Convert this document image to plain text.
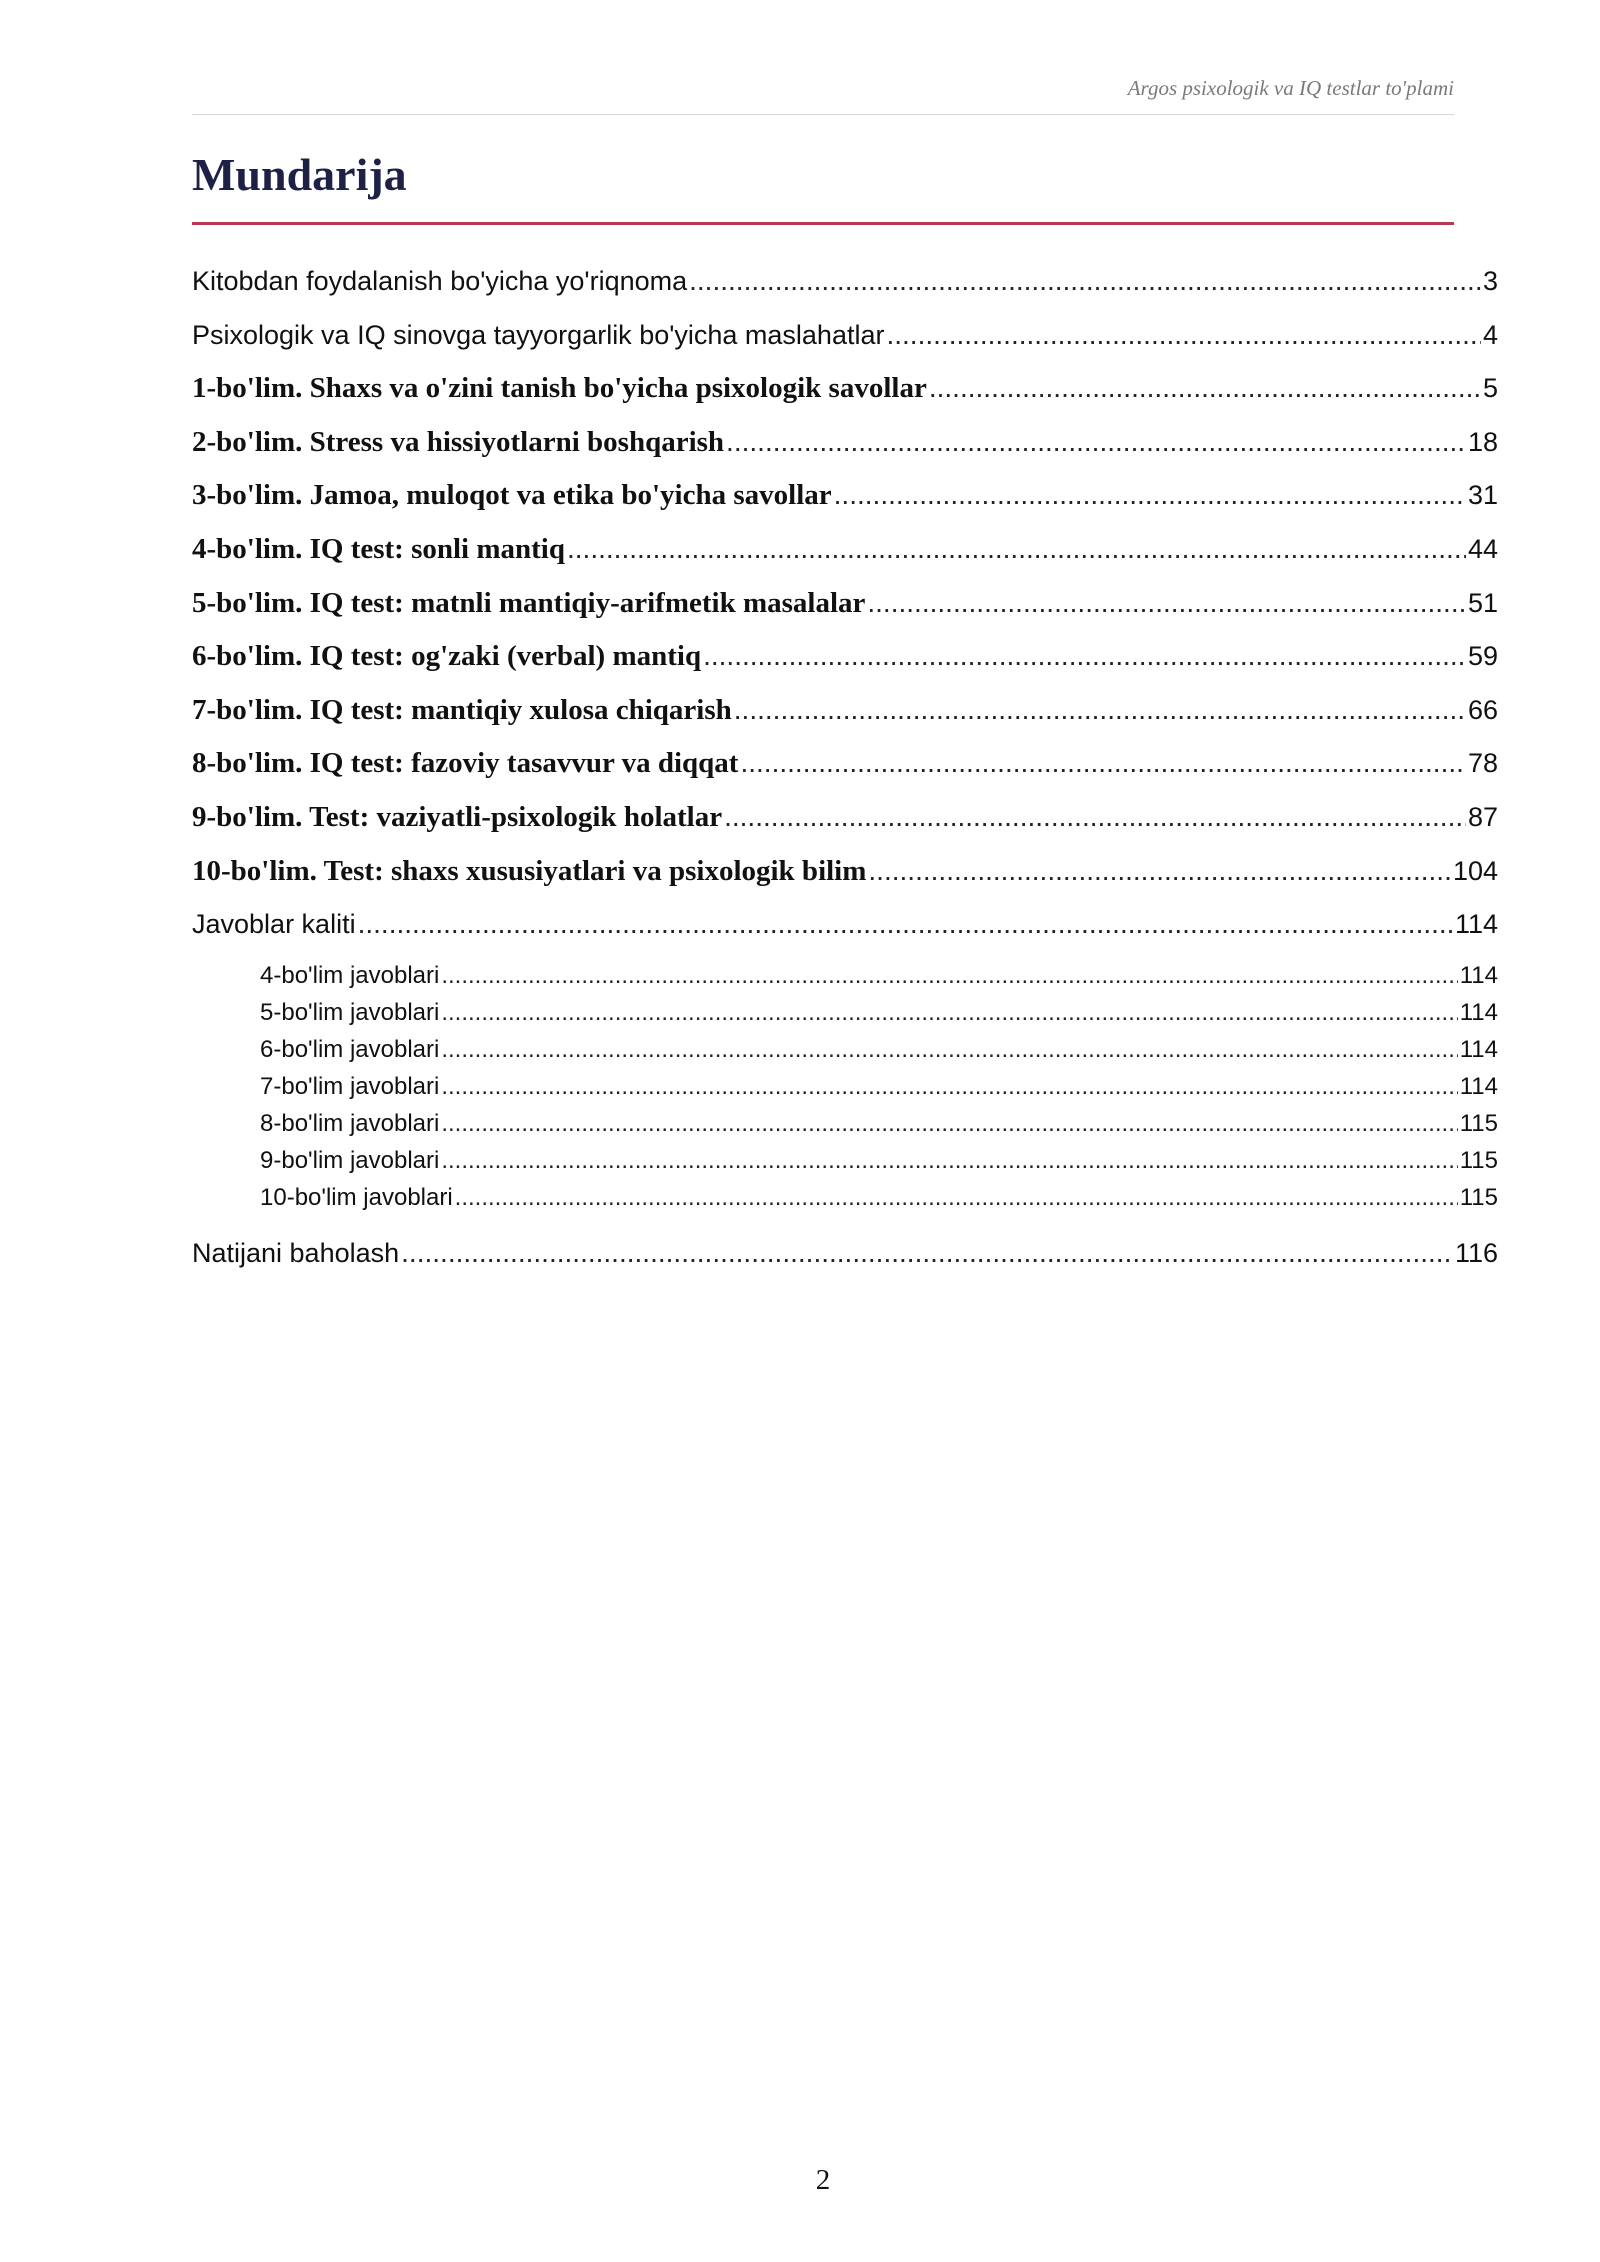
Argos psixologik va IQ testlar to'plami
Mundarija
Kitobdan foydalanish bo'yicha yo'riqnoma .....	3
Psixologik va IQ sinovga tayyorgarlik bo'yicha maslahatlar .....	4
1-bo'lim. Shaxs va o'zini tanish bo'yicha psixologik savollar .....	5
2-bo'lim. Stress va hissiyotlarni boshqarish .....	18
3-bo'lim. Jamoa, muloqot va etika bo'yicha savollar .....	31
4-bo'lim. IQ test: sonli mantiq .....	44
5-bo'lim. IQ test: matnli mantiqiy-arifmetik masalalar .....	51
6-bo'lim. IQ test: og'zaki (verbal) mantiq .....	59
7-bo'lim. IQ test: mantiqiy xulosa chiqarish .....	66
8-bo'lim. IQ test: fazoviy tasavvur va diqqat .....	78
9-bo'lim. Test: vaziyatli-psixologik holatlar .....	87
10-bo'lim. Test: shaxs xususiyatlari va psixologik bilim .....	104
Javoblar kaliti .....	114
4-bo'lim javoblari .....	114
5-bo'lim javoblari .....	114
6-bo'lim javoblari .....	114
7-bo'lim javoblari .....	114
8-bo'lim javoblari .....	115
9-bo'lim javoblari .....	115
10-bo'lim javoblari .....	115
Natijani baholash .....	116
2
